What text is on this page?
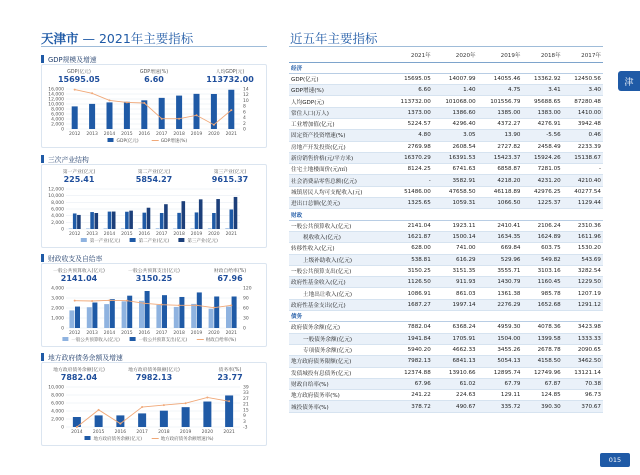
天津市 — 2021年主要指标
GDP规模及增速
GDP(亿元)
15695.05
GDP增速(%)
6.60
人均GDP(元)
113732.00
0
2,000
4,000
6,000
8,000
10,000
12,000
14,000
16,000
0
2
4
6
8
10
12
14
2012 2013 2014 2015 2016 2017 2018 2019 2020 2021
GDP(亿元)	GDP增速(%)
三次产业结构
第一产业(亿元)
225.41
第二产业(亿元)
5854.27
第三产业(亿元)
9615.37
0
2,000
4,000
6,000
8,000
10,000
12,000
2012 2013 2014 2015 2016 2017 2018 2019 2020 2021
第一产业(亿元)	第二产业(亿元)	第三产业(亿元)
财政收支及自给率
一般公共预算收入(亿元)
2141.04
一般公共预算支出(亿元)
3150.25
财政自给率(%)
67.96
0
1,000
2,000
3,000
4,000
0
30
60
90
120
2012 2013 2014 2015 2016 2017 2018 2019 2020 2021
一般公共预算收入(亿元)	一般公共预算支出(亿元)	财政自给率(%)
地方政府债务余额及增速
地方政府债务余额(亿元)
7882.04
地方政府债务限额(亿元)
7982.13
债务率(%)
23.77
0
2,000
4,000
6,000
8,000
10,000
-3
3
9
15
21
27
33
39
2014 2015 2016 2017 2018 2019 2020 2021
地方政府债务余额(亿元)	地方政府债务余额增速(%)
近五年主要指标
	2021年	2020年	2019年	2018年	2017年
经济					
GDP(亿元)	15695.05	14007.99	14055.46	13362.92	12450.56
GDP增速(%)	6.60	1.40	4.75	3.41	3.40
人均GDP(元)	113732.00	101068.00	101556.79	95688.65	87280.48
常住人口(万人)	1373.00	1386.60	1385.00	1383.00	1410.00
工业增加值(亿元)	5224.57	4296.40	4372.27	4276.91	3942.48
固定资产投资增速(%)	4.80	3.05	13.90	-5.56	0.46
房地产开发投资(亿元)	2769.98	2608.54	2727.82	2458.49	2233.39
新房销售价格(元/平方米)	16370.29	16391.53	15423.37	15924.26	15138.67
住宅土地楼面价(元/㎡)	8124.25	6741.63	6858.87	7281.05	-
社会消费品零售总额(亿元)	-	3582.91	4218.20	4231.20	4210.40
城镇居民人均可支配收入(元)	51486.00	47658.50	46118.89	42976.25	40277.54
进出口总额(亿美元)	1325.65	1059.31	1066.50	1225.37	1129.44
财政					
一般公共预算收入(亿元)	2141.04	1923.11	2410.41	2106.24	2310.36
税收收入(亿元)	1621.87	1500.14	1634.35	1624.89	1611.96
转移性收入(亿元)	628.00	741.00	669.84	603.75	1530.20
上级补助收入(亿元)	538.81	616.29	529.96	549.82	543.69
一般公共预算支出(亿元)	3150.25	3151.35	3555.71	3103.16	3282.54
政府性基金收入(亿元)	1126.50	911.93	1430.79	1160.45	1229.50
土地出让收入(亿元)	1086.91	861.03	1361.38	985.78	1207.19
政府性基金支出(亿元)	1687.27	1997.14	2276.29	1652.68	1291.12
债务					
政府债务余额(亿元)	7882.04	6368.24	4959.30	4078.36	3423.98
一般债务余额(亿元)	1941.84	1705.91	1504.00	1399.58	1333.33
专项债务余额(亿元)	5940.20	4662.33	3455.26	2678.78	2090.65
地方政府债务限额(亿元)	7982.13	6841.13	5054.13	4158.50	3462.50
发债城投有息债务(亿元)	12374.88	13910.66	12895.74	12749.96	13121.14
财政自给率(%)	67.96	61.02	67.79	67.87	70.38
地方政府债务率(%)	241.22	224.63	129.11	124.85	96.73
城投债务率(%)	378.72	490.67	335.72	390.30	370.67
津
015
